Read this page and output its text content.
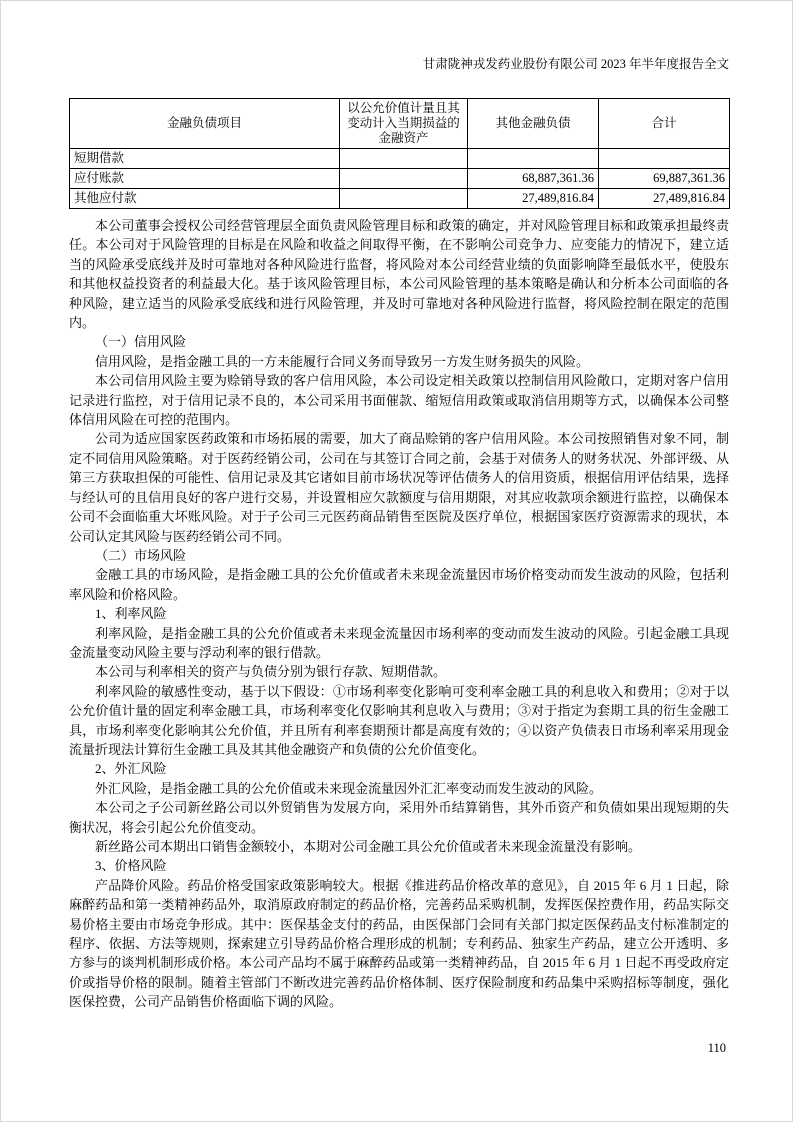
甘肃陇神戎发药业股份有限公司 2023 年半年度报告全文
金融负债项目	以公允价值计量且其变动计入当期损益的金融资产	其他金融负债	合计
短期借款			
应付账款		68,887,361.36	69,887,361.36
其他应付款		27,489,816.84	27,489,816.84

本公司董事会授权公司经营管理层全面负责风险管理目标和政策的确定，并对风险管理目标和政策承担最终责任。本公司对于风险管理的目标是在风险和收益之间取得平衡，在不影响公司竞争力、应变能力的情况下，建立适当的风险承受底线并及时可靠地对各种风险进行监督，将风险对本公司经营业绩的负面影响降至最低水平，使股东和其他权益投资者的利益最大化。基于该风险管理目标，本公司风险管理的基本策略是确认和分析本公司面临的各种风险，建立适当的风险承受底线和进行风险管理，并及时可靠地对各种风险进行监督，将风险控制在限定的范围内。

（一）信用风险

信用风险，是指金融工具的一方未能履行合同义务而导致另一方发生财务损失的风险。

本公司信用风险主要为赊销导致的客户信用风险，本公司设定相关政策以控制信用风险敞口，定期对客户信用记录进行监控，对于信用记录不良的，本公司采用书面催款、缩短信用政策或取消信用期等方式，以确保本公司整体信用风险在可控的范围内。

公司为适应国家医药政策和市场拓展的需要，加大了商品赊销的客户信用风险。本公司按照销售对象不同，制定不同信用风险策略。对于医药经销公司，公司在与其签订合同之前，会基于对债务人的财务状况、外部评级、从第三方获取担保的可能性、信用记录及其它诸如目前市场状况等评估债务人的信用资质，根据信用评估结果，选择与经认可的且信用良好的客户进行交易，并设置相应欠款额度与信用期限，对其应收款项余额进行监控，以确保本公司不会面临重大坏账风险。对于子公司三元医药商品销售至医院及医疗单位，根据国家医疗资源需求的现状，本公司认定其风险与医药经销公司不同。

（二）市场风险

金融工具的市场风险，是指金融工具的公允价值或者未来现金流量因市场价格变动而发生波动的风险，包括利率风险和价格风险。

1、利率风险

利率风险，是指金融工具的公允价值或者未来现金流量因市场利率的变动而发生波动的风险。引起金融工具现金流量变动风险主要与浮动利率的银行借款。

本公司与利率相关的资产与负债分别为银行存款、短期借款。

利率风险的敏感性变动，基于以下假设：①市场利率变化影响可变利率金融工具的利息收入和费用；②对于以公允价值计量的固定利率金融工具，市场利率变化仅影响其利息收入与费用；③对于指定为套期工具的衍生金融工具，市场利率变化影响其公允价值，并且所有利率套期预计都是高度有效的；④以资产负债表日市场利率采用现金流量折现法计算衍生金融工具及其其他金融资产和负债的公允价值变化。

2、外汇风险

外汇风险，是指金融工具的公允价值或未来现金流量因外汇汇率变动而发生波动的风险。

本公司之子公司新丝路公司以外贸销售为发展方向，采用外币结算销售，其外币资产和负债如果出现短期的失衡状况，将会引起公允价值变动。

新丝路公司本期出口销售金额较小，本期对公司金融工具公允价值或者未来现金流量没有影响。

3、价格风险

产品降价风险。药品价格受国家政策影响较大。根据《推进药品价格改革的意见》，自 2015 年 6 月 1 日起，除麻醉药品和第一类精神药品外，取消原政府制定的药品价格，完善药品采购机制，发挥医保控费作用，药品实际交易价格主要由市场竞争形成。其中：医保基金支付的药品，由医保部门会同有关部门拟定医保药品支付标准制定的程序、依据、方法等规则，探索建立引导药品价格合理形成的机制；专利药品、独家生产药品，建立公开透明、多方参与的谈判机制形成价格。本公司产品均不属于麻醉药品或第一类精神药品，自 2015 年 6 月 1 日起不再受政府定价或指导价格的限制。随着主管部门不断改进完善药品价格体制、医疗保险制度和药品集中采购招标等制度，强化医保控费，公司产品销售价格面临下调的风险。

110
